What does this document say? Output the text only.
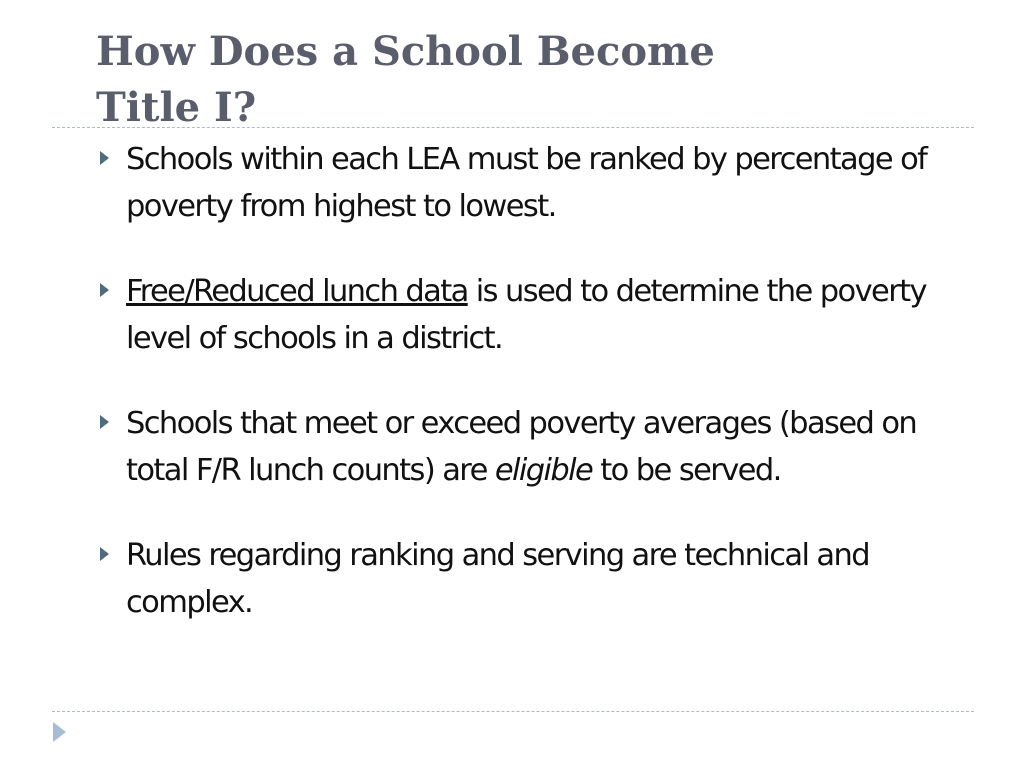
How Does a School Become
Title I?
Schools within each LEA must be ranked by percentage of poverty from highest to lowest.
Free/Reduced lunch data is used to determine the poverty level of schools in a district.
Schools that meet or exceed poverty averages (based on total F/R lunch counts) are eligible to be served.
Rules regarding ranking and serving are technical and complex.
